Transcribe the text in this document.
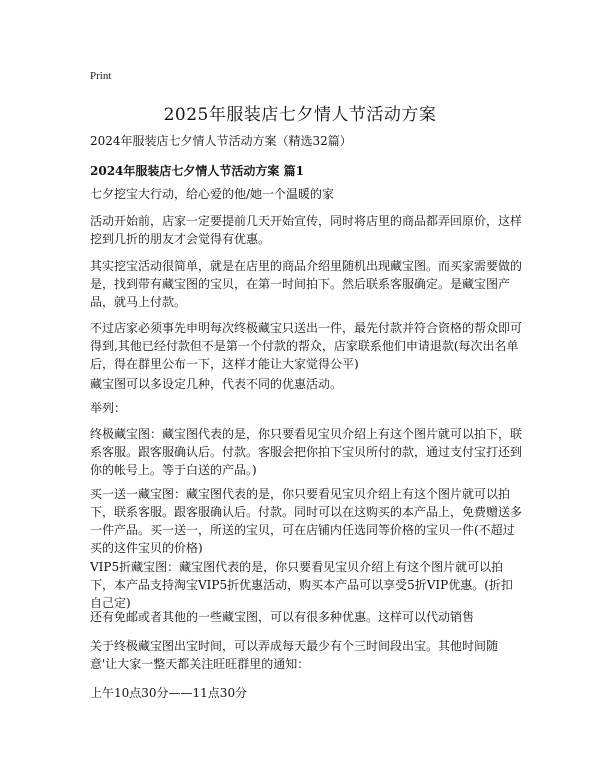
Print
2025年服装店七夕情人节活动方案
2024年服装店七夕情人节活动方案（精选32篇）
2024年服装店七夕情人节活动方案 篇1

七夕挖宝大行动，给心爱的他/她一个温暖的家

活动开始前，店家一定要提前几天开始宣传，同时将店里的商品都弄回原价，这样挖到几折的朋友才会觉得有优惠。

其实挖宝活动很简单，就是在店里的商品介绍里随机出现藏宝图。而买家需要做的是，找到带有藏宝图的宝贝，在第一时间拍下。然后联系客服确定。是藏宝图产品，就马上付款。

不过店家必须事先申明每次终极藏宝只送出一件，最先付款并符合资格的帮众即可得到,其他已经付款但不是第一个付款的帮众，店家联系他们申请退款(每次出名单后，得在群里公布一下，这样才能让大家觉得公平)

藏宝图可以多设定几种，代表不同的优惠活动。

举列：

终极藏宝图：藏宝图代表的是，你只要看见宝贝介绍上有这个图片就可以拍下，联系客服。跟客服确认后。付款。客服会把你拍下宝贝所付的款，通过支付宝打还到你的帐号上。等于白送的产品。)

买一送一藏宝图：藏宝图代表的是，你只要看见宝贝介绍上有这个图片就可以拍下，联系客服。跟客服确认后。付款。同时可以在这购买的本产品上，免费赠送多一件产品。买一送一，所送的宝贝，可在店铺内任选同等价格的宝贝一件(不超过买的这件宝贝的价格)

VIP5折藏宝图：藏宝图代表的是，你只要看见宝贝介绍上有这个图片就可以拍下，本产品支持淘宝VIP5折优惠活动，购买本产品可以享受5折VIP优惠。(折扣自己定)

还有免邮或者其他的一些藏宝图，可以有很多种优惠。这样可以代动销售

关于终极藏宝图出宝时间，可以弄成每天最少有个三时间段出宝。其他时间随意'让大家一整天都关注旺旺群里的通知：

上午10点30分——11点30分
